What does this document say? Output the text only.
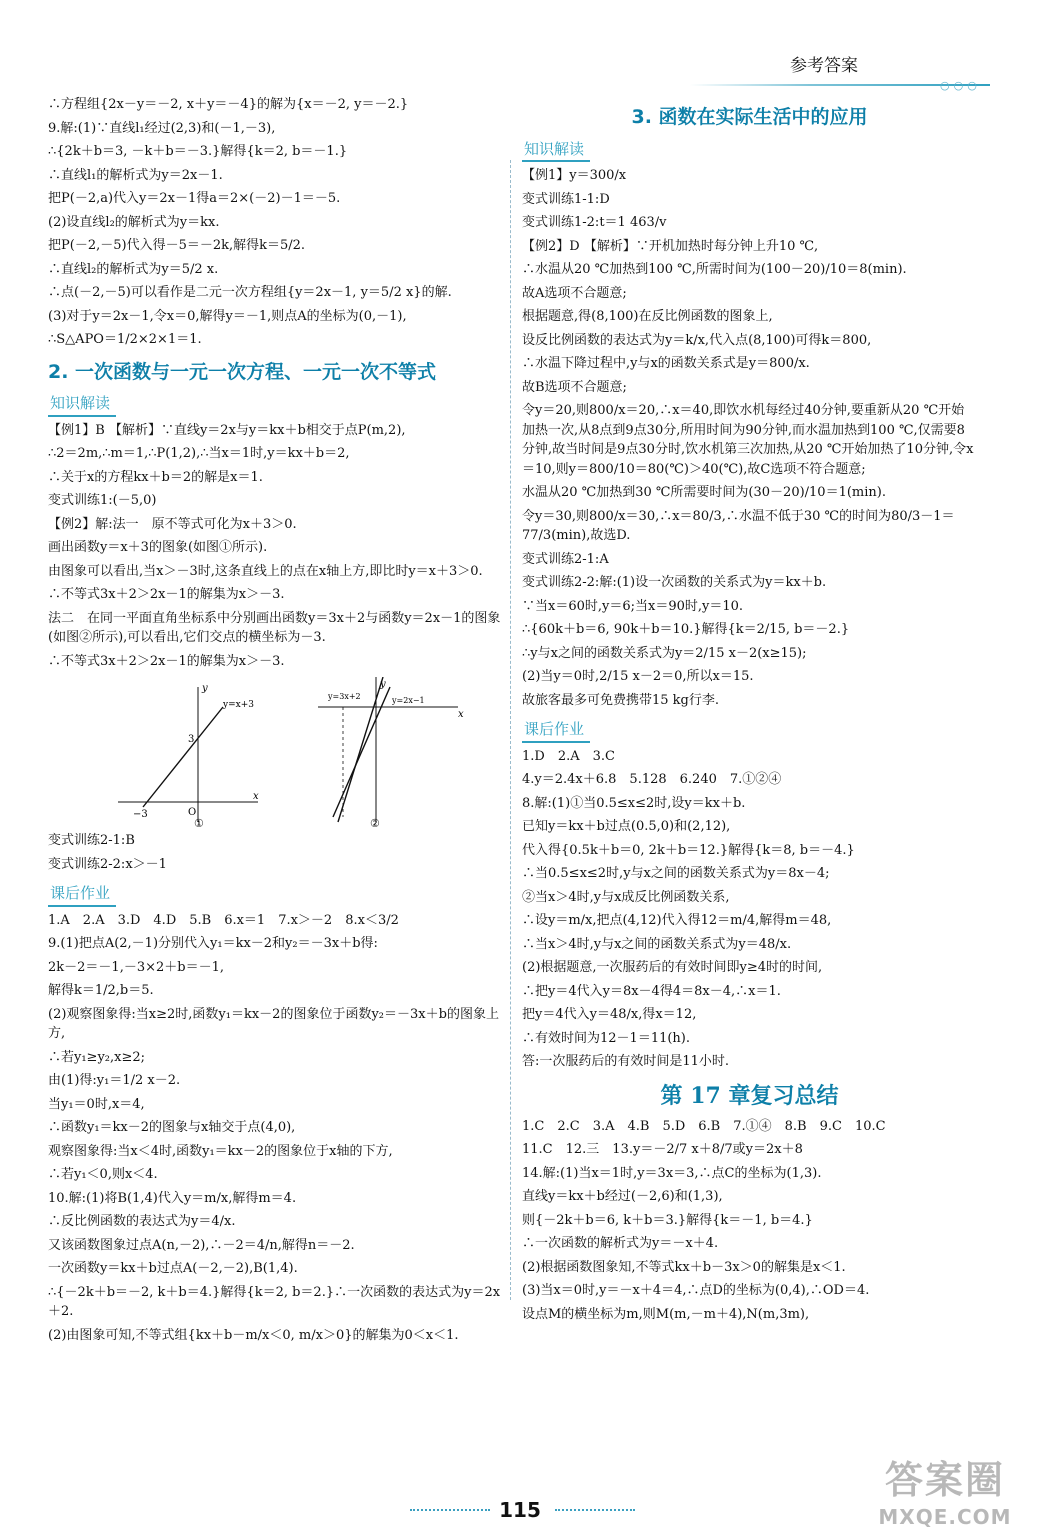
参考答案
○○○

∴方程组{2x－y＝－2, x＋y＝－4}的解为{x＝－2, y＝－2.}

9.解:(1)∵直线l₁经过(2,3)和(－1,－3),

∴{2k＋b＝3, －k＋b＝－3.}解得{k＝2, b＝－1.}

∴直线l₁的解析式为y＝2x－1.

把P(－2,a)代入y＝2x－1得a＝2×(－2)－1＝－5.

(2)设直线l₂的解析式为y＝kx.

把P(－2,－5)代入得－5＝－2k,解得k＝5/2.

∴直线l₂的解析式为y＝5/2 x.

∴点(－2,－5)可以看作是二元一次方程组{y＝2x－1, y＝5/2 x}的解.

(3)对于y＝2x－1,令x＝0,解得y＝－1,则点A的坐标为(0,－1),

∴S△APO＝1/2×2×1＝1.

2. 一次函数与一元一次方程、一元一次不等式
知识解读

【例1】B 【解析】∵直线y＝2x与y＝kx＋b相交于点P(m,2),

∴2＝2m,∴m＝1,∴P(1,2),∴当x＝1时,y＝kx＋b＝2,

∴关于x的方程kx＋b＝2的解是x＝1.

变式训练1:(－5,0)

【例2】解:法一　原不等式可化为x＋3＞0.

画出函数y＝x＋3的图象(如图①所示).

由图象可以看出,当x＞－3时,这条直线上的点在x轴上方,即比时y＝x＋3＞0.

∴不等式3x＋2＞2x－1的解集为x＞－3.

法二　在同一平面直角坐标系中分别画出函数y＝3x＋2与函数y＝2x－1的图象(如图②所示),可以看出,它们交点的横坐标为－3.

∴不等式3x＋2＞2x－1的解集为x＞－3.

y=x+3
3
−3	O
x
y
①
y=3x+2	y=2x−1
x
y
②

变式训练2-1:B

变式训练2-2:x＞－1

课后作业

1.A　2.A　3.D　4.D　5.B　6.x＝1　7.x＞－2　8.x＜3/2

9.(1)把点A(2,－1)分别代入y₁＝kx－2和y₂＝－3x＋b得:

2k－2＝－1,－3×2＋b＝－1,

解得k＝1/2,b＝5.

(2)观察图象得:当x≥2时,函数y₁＝kx－2的图象位于函数y₂＝－3x＋b的图象上方,

∴若y₁≥y₂,x≥2;

由(1)得:y₁＝1/2 x－2.

当y₁＝0时,x＝4,

∴函数y₁＝kx－2的图象与x轴交于点(4,0),

观察图象得:当x＜4时,函数y₁＝kx－2的图象位于x轴的下方,

∴若y₁＜0,则x＜4.

10.解:(1)将B(1,4)代入y＝m/x,解得m＝4.

∴反比例函数的表达式为y＝4/x.

又该函数图象过点A(n,－2),∴－2＝4/n,解得n＝－2.

一次函数y＝kx＋b过点A(－2,－2),B(1,4).

∴{－2k＋b＝－2, k＋b＝4.}解得{k＝2, b＝2.}∴一次函数的表达式为y＝2x＋2.

(2)由图象可知,不等式组{kx＋b－m/x＜0, m/x＞0}的解集为0＜x＜1.

3. 函数在实际生活中的应用
知识解读

【例1】y＝300/x

变式训练1-1:D

变式训练1-2:t＝1 463/v

【例2】D 【解析】∵开机加热时每分钟上升10 ℃,

∴水温从20 ℃加热到100 ℃,所需时间为(100－20)/10＝8(min).

故A选项不合题意;

根据题意,得(8,100)在反比例函数的图象上,

设反比例函数的表达式为y＝k/x,代入点(8,100)可得k＝800,

∴水温下降过程中,y与x的函数关系式是y＝800/x.

故B选项不合题意;

令y＝20,则800/x＝20,∴x＝40,即饮水机每经过40分钟,要重新从20 ℃开始加热一次,从8点到9点30分,所用时间为90分钟,而水温加热到100 ℃,仅需要8分钟,故当时间是9点30分时,饮水机第三次加热,从20 ℃开始加热了10分钟,令x＝10,则y＝800/10＝80(℃)＞40(℃),故C选项不符合题意;

水温从20 ℃加热到30 ℃所需要时间为(30－20)/10＝1(min).

令y＝30,则800/x＝30,∴x＝80/3,∴水温不低于30 ℃的时间为80/3－1＝77/3(min),故选D.

变式训练2-1:A

变式训练2-2:解:(1)设一次函数的关系式为y＝kx＋b.

∵当x＝60时,y＝6;当x＝90时,y＝10.

∴{60k＋b＝6, 90k＋b＝10.}解得{k＝2/15, b＝－2.}

∴y与x之间的函数关系式为y＝2/15 x－2(x≥15);

(2)当y＝0时,2/15 x－2＝0,所以x＝15.

故旅客最多可免费携带15 kg行李.

课后作业

1.D　2.A　3.C

4.y＝2.4x＋6.8　5.128　6.240　7.①②④

8.解:(1)①当0.5≤x≤2时,设y＝kx＋b.

已知y＝kx＋b过点(0.5,0)和(2,12),

代入得{0.5k＋b＝0, 2k＋b＝12.}解得{k＝8, b＝－4.}

∴当0.5≤x≤2时,y与x之间的函数关系式为y＝8x－4;

②当x＞4时,y与x成反比例函数关系,

∴设y＝m/x,把点(4,12)代入得12＝m/4,解得m＝48,

∴当x＞4时,y与x之间的函数关系式为y＝48/x.

(2)根据题意,一次服药后的有效时间即y≥4时的时间,

∴把y＝4代入y＝8x－4得4＝8x－4,∴x＝1.

把y＝4代入y＝48/x,得x＝12,

∴有效时间为12－1＝11(h).

答:一次服药后的有效时间是11小时.

第 17 章复习总结

1.C　2.C　3.A　4.B　5.D　6.B　7.①④　8.B　9.C　10.C

11.C　12.三　13.y＝－2/7 x＋8/7或y＝2x＋8

14.解:(1)当x＝1时,y＝3x＝3,∴点C的坐标为(1,3).

直线y＝kx＋b经过(－2,6)和(1,3),

则{－2k＋b＝6, k＋b＝3.}解得{k＝－1, b＝4.}

∴一次函数的解析式为y＝－x＋4.

(2)根据函数图象知,不等式kx＋b－3x＞0的解集是x＜1.

(3)当x＝0时,y＝－x＋4＝4,∴点D的坐标为(0,4),∴OD＝4.

设点M的横坐标为m,则M(m,－m＋4),N(m,3m),

115
答案圈
MXQE.COM
